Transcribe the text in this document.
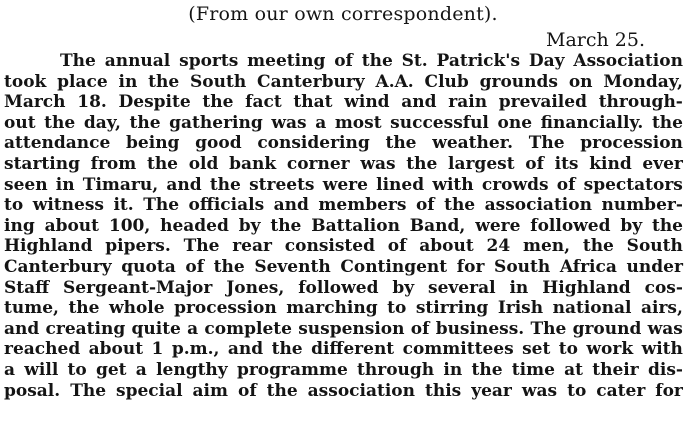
(From our own correspondent).
March 25.
The annual sports meeting of the St. Patrick's Day Association
took place in the South Canterbury A.A. Club grounds on Monday,
March 18. Despite the fact that wind and rain prevailed through-
out the day, the gathering was a most successful one financially. the
attendance being good considering the weather. The procession
starting from the old bank corner was the largest of its kind ever
seen in Timaru, and the streets were lined with crowds of spectators
to witness it. The officials and members of the association number-
ing about 100, headed by the Battalion Band, were followed by the
Highland pipers. The rear consisted of about 24 men, the South
Canterbury quota of the Seventh Contingent for South Africa under
Staff Sergeant-Major Jones, followed by several in Highland cos-
tume, the whole procession marching to stirring Irish national airs,
and creating quite a complete suspension of business. The ground was
reached about 1 p.m., and the different committees set to work with
a will to get a lengthy programme through in the time at their dis-
posal. The special aim of the association this year was to cater for
